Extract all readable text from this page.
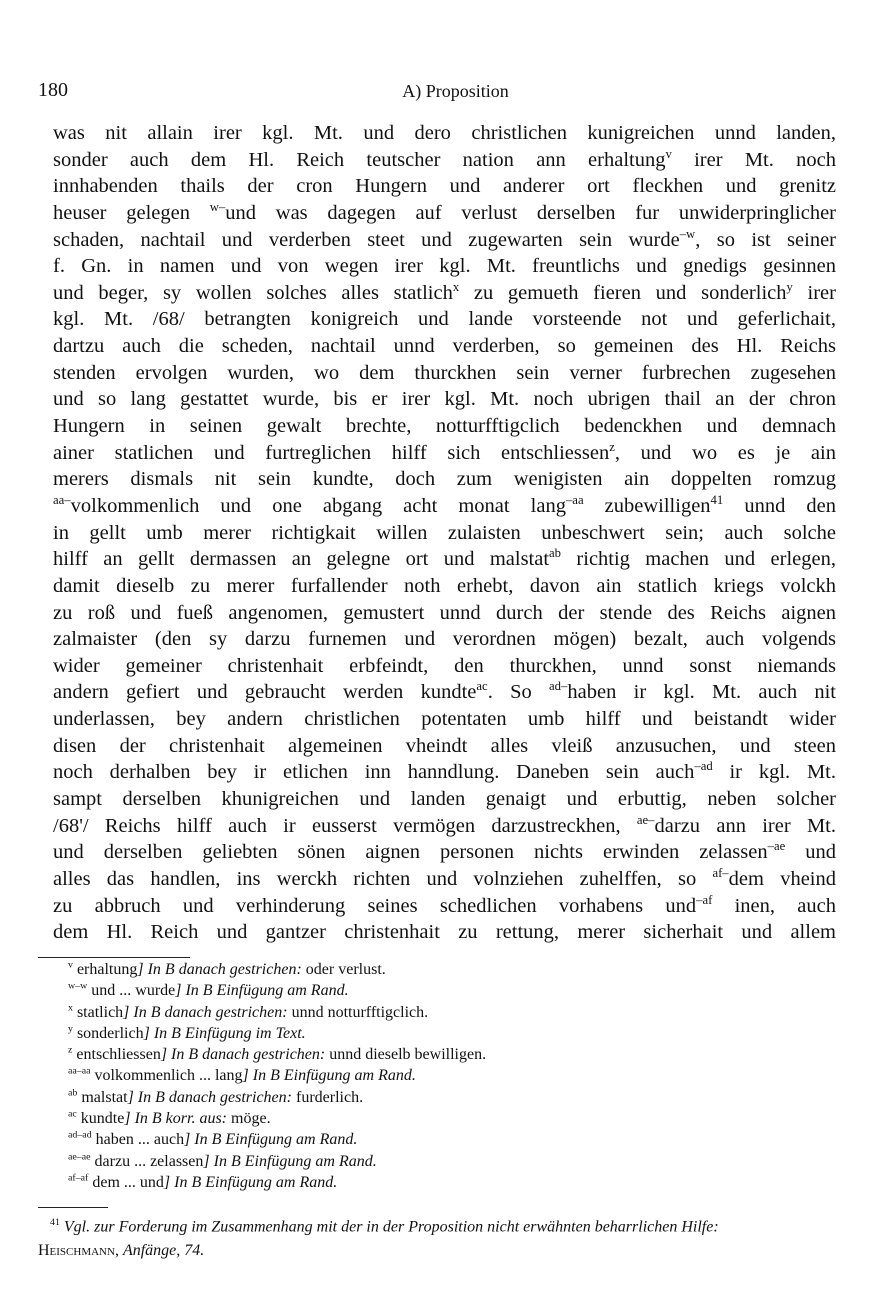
180	A) Proposition
was nit allain irer kgl. Mt. und dero christlichen kunigreichen unnd landen,
sonder auch dem Hl. Reich teutscher nation ann erhaltung$^v$ irer Mt. noch
innhabenden thails der cron Hungern und anderer ort fleckhen und grenitz
heuser gelegen $^{w-}$und was dagegen auf verlust derselben fur unwiderpringlicher
schaden, nachtail und verderben steet und zugewarten sein wurde$^{-w}$, so ist seiner
f. Gn. in namen und von wegen irer kgl. Mt. freuntlichs und gnedigs gesinnen
und beger, sy wollen solches alles statlich$^x$ zu gemueth fieren und sonderlich$^y$ irer
kgl. Mt. /68/ betrangten konigreich und lande vorsteende not und geferlichait,
dartzu auch die scheden, nachtail unnd verderben, so gemeinen des Hl. Reichs
stenden ervolgen wurden, wo dem thurckhen sein verner furbrechen zugesehen
und so lang gestattet wurde, bis er irer kgl. Mt. noch ubrigen thail an der chron
Hungern in seinen gewalt brechte, notturfftigclich bedenckhen und demnach
ainer statlichen und furtreglichen hilff sich entschliessen$^z$, und wo es je ain
merers dismals nit sein kundte, doch zum wenigisten ain doppelten romzug
$^{aa-}$volkommenlich und one abgang acht monat lang$^{-aa}$ zubewilligen$^{41}$ unnd den
in gellt umb merer richtigkait willen zulaisten unbeschwert sein; auch solche
hilff an gellt dermassen an gelegne ort und malstat$^{ab}$ richtig machen und erlegen,
damit dieselb zu merer furfallender noth erhebt, davon ain statlich kriegs volckh
zu roß und fueß angenomen, gemustert unnd durch der stende des Reichs aignen
zalmaister (den sy darzu furnemen und verordnen mögen) bezalt, auch volgends
wider gemeiner christenhait erbfeindt, den thurckhen, unnd sonst niemands
andern gefiert und gebraucht werden kundte$^{ac}$. So $^{ad-}$haben ir kgl. Mt. auch nit
underlassen, bey andern christlichen potentaten umb hilff und beistandt wider
disen der christenhait algemeinen vheindt alles vleiß anzusuchen, und steen
noch derhalben bey ir etlichen inn hanndlung. Daneben sein auch$^{-ad}$ ir kgl. Mt.
sampt derselben khunigreichen und landen genaigt und erbuttig, neben solcher
/68'/ Reichs hilff auch ir eusserst vermögen darzustreckhen, $^{ae-}$darzu ann irer Mt.
und derselben geliebten sönen aignen personen nichts erwinden zelassen$^{-ae}$ und
alles das handlen, ins werckh richten und volnziehen zuhelffen, so $^{af-}$dem vheind
zu abbruch und verhinderung seines schedlichen vorhabens und$^{-af}$ inen, auch
dem Hl. Reich und gantzer christenhait zu rettung, merer sicherhait und allem
$^v$ erhaltung] In B danach gestrichen: oder verlust.
$^{w-w}$ und ... wurde] In B Einfügung am Rand.
$^x$ statlich] In B danach gestrichen: unnd notturfftigclich.
$^y$ sonderlich] In B Einfügung im Text.
$^z$ entschliessen] In B danach gestrichen: unnd dieselb bewilligen.
$^{aa-aa}$ volkommenlich ... lang] In B Einfügung am Rand.
$^{ab}$ malstat] In B danach gestrichen: furderlich.
$^{ac}$ kundte] In B korr. aus: möge.
$^{ad-ad}$ haben ... auch] In B Einfügung am Rand.
$^{ae-ae}$ darzu ... zelassen] In B Einfügung am Rand.
$^{af-af}$ dem ... und] In B Einfügung am Rand.
$^{41}$ Vgl. zur Forderung im Zusammenhang mit der in der Proposition nicht erwähnten beharrlichen Hilfe: Heischmann, Anfänge, 74.
